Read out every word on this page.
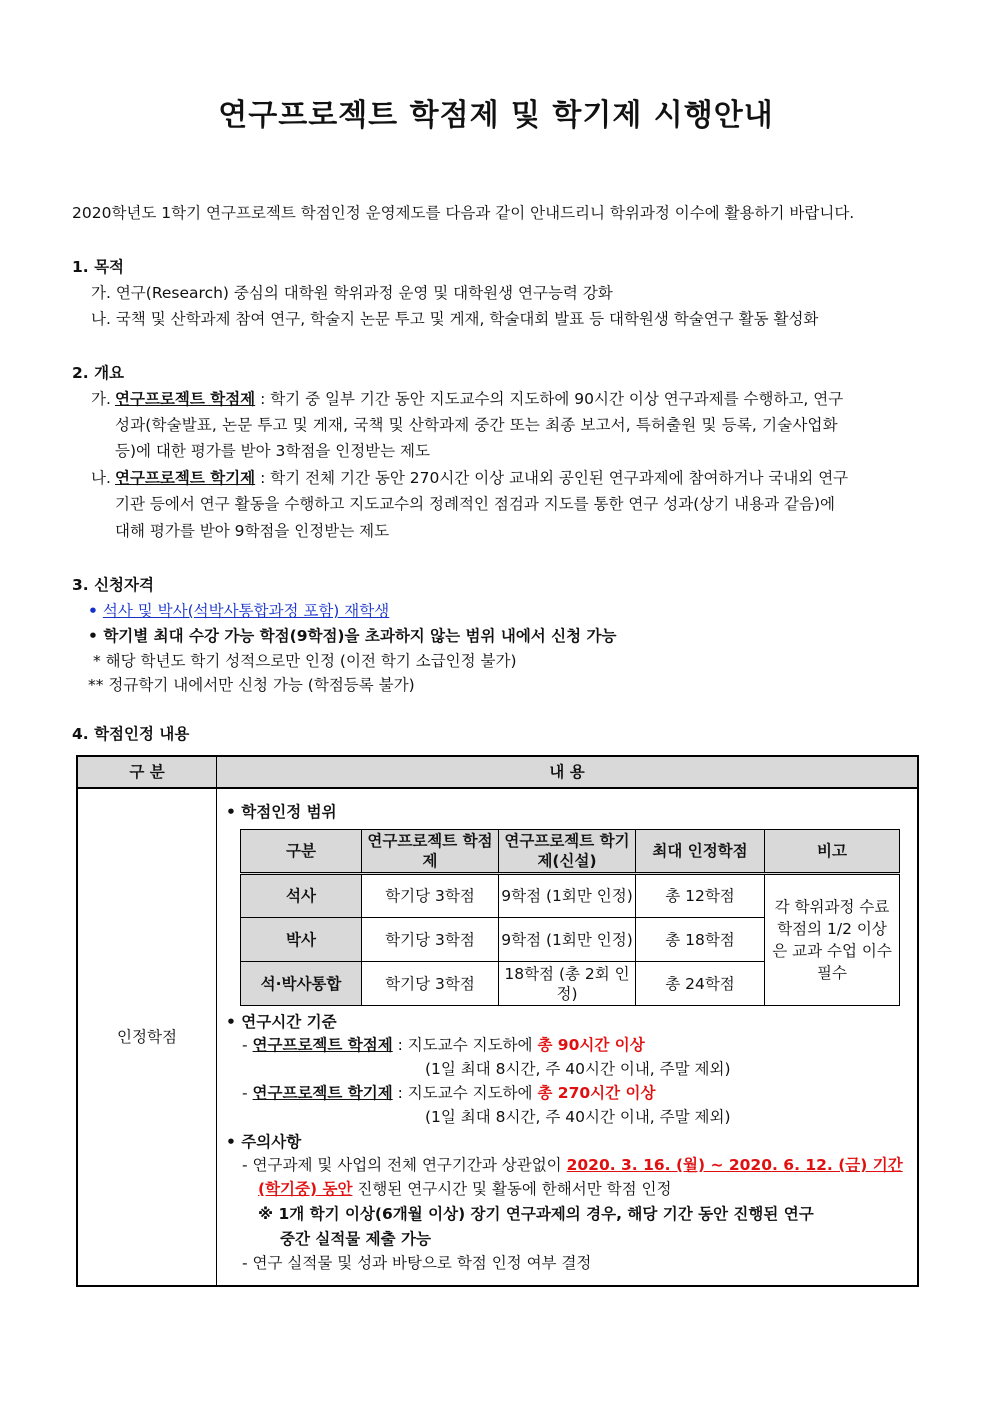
연구프로젝트 학점제 및 학기제 시행안내
2020학년도 1학기 연구프로젝트 학점인정 운영제도를 다음과 같이 안내드리니 학위과정 이수에 활용하기 바랍니다.
1. 목적
가. 연구(Research) 중심의 대학원 학위과정 운영 및 대학원생 연구능력 강화
나. 국책 및 산학과제 참여 연구, 학술지 논문 투고 및 게재, 학술대회 발표 등 대학원생 학술연구 활동 활성화
2. 개요
가. 연구프로젝트 학점제 : 학기 중 일부 기간 동안 지도교수의 지도하에 90시간 이상 연구과제를 수행하고, 연구
성과(학술발표, 논문 투고 및 게재, 국책 및 산학과제 중간 또는 최종 보고서, 특허출원 및 등록, 기술사업화
등)에 대한 평가를 받아 3학점을 인정받는 제도
나. 연구프로젝트 학기제 : 학기 전체 기간 동안 270시간 이상 교내외 공인된 연구과제에 참여하거나 국내외 연구
기관 등에서 연구 활동을 수행하고 지도교수의 정례적인 점검과 지도를 통한 연구 성과(상기 내용과 같음)에
대해 평가를 받아 9학점을 인정받는 제도
3. 신청자격
• 석사 및 박사(석박사통합과정 포함) 재학생
• 학기별 최대 수강 가능 학점(9학점)을 초과하지 않는 범위 내에서 신청 가능
* 해당 학년도 학기 성적으로만 인정 (이전 학기 소급인정 불가)
** 정규학기 내에서만 신청 가능 (학점등록 불가)
4. 학점인정 내용
구 분	내 용
인정학점
• 학점인정 범위
구분	연구프로젝트 학점제	연구프로젝트 학기제(신설)	최대 인정학점	비고
석사	학기당 3학점	9학점 (1회만 인정)	총 12학점	각 학위과정 수료학점의 1/2 이상은 교과 수업 이수 필수
박사	학기당 3학점	9학점 (1회만 인정)	총 18학점	
석·박사통합	학기당 3학점	18학점 (총 2회 인정)	총 24학점	
• 연구시간 기준
- 연구프로젝트 학점제 : 지도교수 지도하에 총 90시간 이상
(1일 최대 8시간, 주 40시간 이내, 주말 제외)
- 연구프로젝트 학기제 : 지도교수 지도하에 총 270시간 이상
(1일 최대 8시간, 주 40시간 이내, 주말 제외)
• 주의사항
- 연구과제 및 사업의 전체 연구기간과 상관없이 2020. 3. 16. (월) ~ 2020. 6. 12. (금) 기간
(학기중) 동안 진행된 연구시간 및 활동에 한해서만 학점 인정
※ 1개 학기 이상(6개월 이상) 장기 연구과제의 경우, 해당 기간 동안 진행된 연구
중간 실적물 제출 가능
- 연구 실적물 및 성과 바탕으로 학점 인정 여부 결정
